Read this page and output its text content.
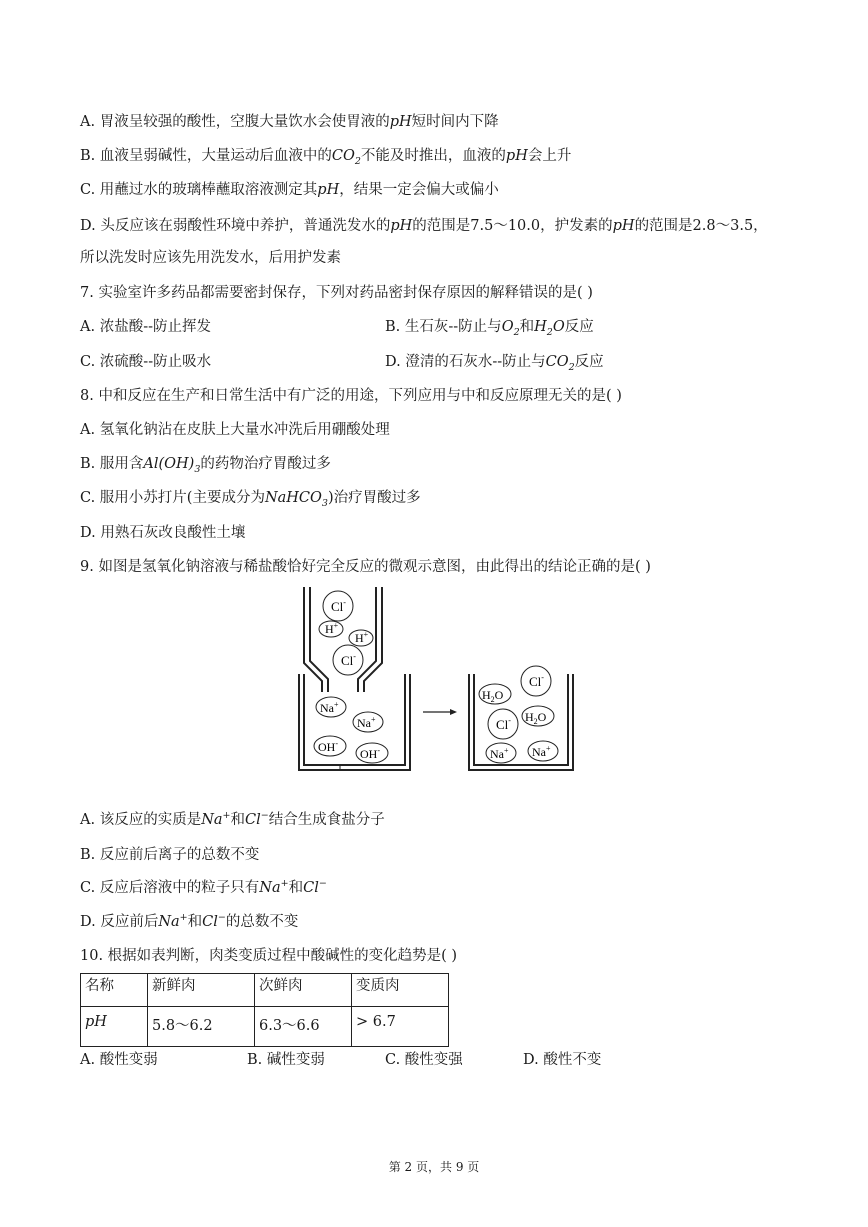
A. 胃液呈较强的酸性，空腹大量饮水会使胃液的pH短时间内下降
B. 血液呈弱碱性，大量运动后血液中的$CO_2$不能及时推出，血液的pH会上升
C. 用蘸过水的玻璃棒蘸取溶液测定其pH，结果一定会偏大或偏小
D. 头反应该在弱酸性环境中养护，普通洗发水的pH的范围是7.5～10.0，护发素的pH的范围是2.8～3.5，
所以洗发时应该先用洗发水，后用护发素
7. 实验室许多药品都需要密封保存，下列对药品密封保存原因的解释错误的是( )
A. 浓盐酸--防止挥发	B. 生石灰--防止与$O_2$和$H_2O$反应
C. 浓硫酸--防止吸水	D. 澄清的石灰水--防止与$CO_2$反应
8. 中和反应在生产和日常生活中有广泛的用途，下列应用与中和反应原理无关的是( )
A. 氢氧化钠沾在皮肤上大量水冲洗后用硼酸处理
B. 服用含$Al(OH)_3$的药物治疗胃酸过多
C. 服用小苏打片(主要成分为NaHCO$_3$)治疗胃酸过多
D. 用熟石灰改良酸性土壤
9. 如图是氢氧化钠溶液与稀盐酸恰好完全反应的微观示意图，由此得出的结论正确的是( )
Cl-
H+
H+
Cl-
Na+
Na+
OH-
OH-
$H_2O$
Cl-
Cl- $H_2O$
Na+ Na+
A. 该反应的实质是Na+和Cl−结合生成食盐分子
B. 反应前后离子的总数不变
C. 反应后溶液中的粒子只有Na+和Cl−
D. 反应前后Na+和Cl−的总数不变
10. 根据如表判断，肉类变质过程中酸碱性的变化趋势是( )
名称	新鲜肉	次鲜肉	变质肉
pH	5.8～6.2	6.3～6.6	> 6.7
A. 酸性变弱	B. 碱性变弱	C. 酸性变强	D. 酸性不变
第 2 页，共 9 页
